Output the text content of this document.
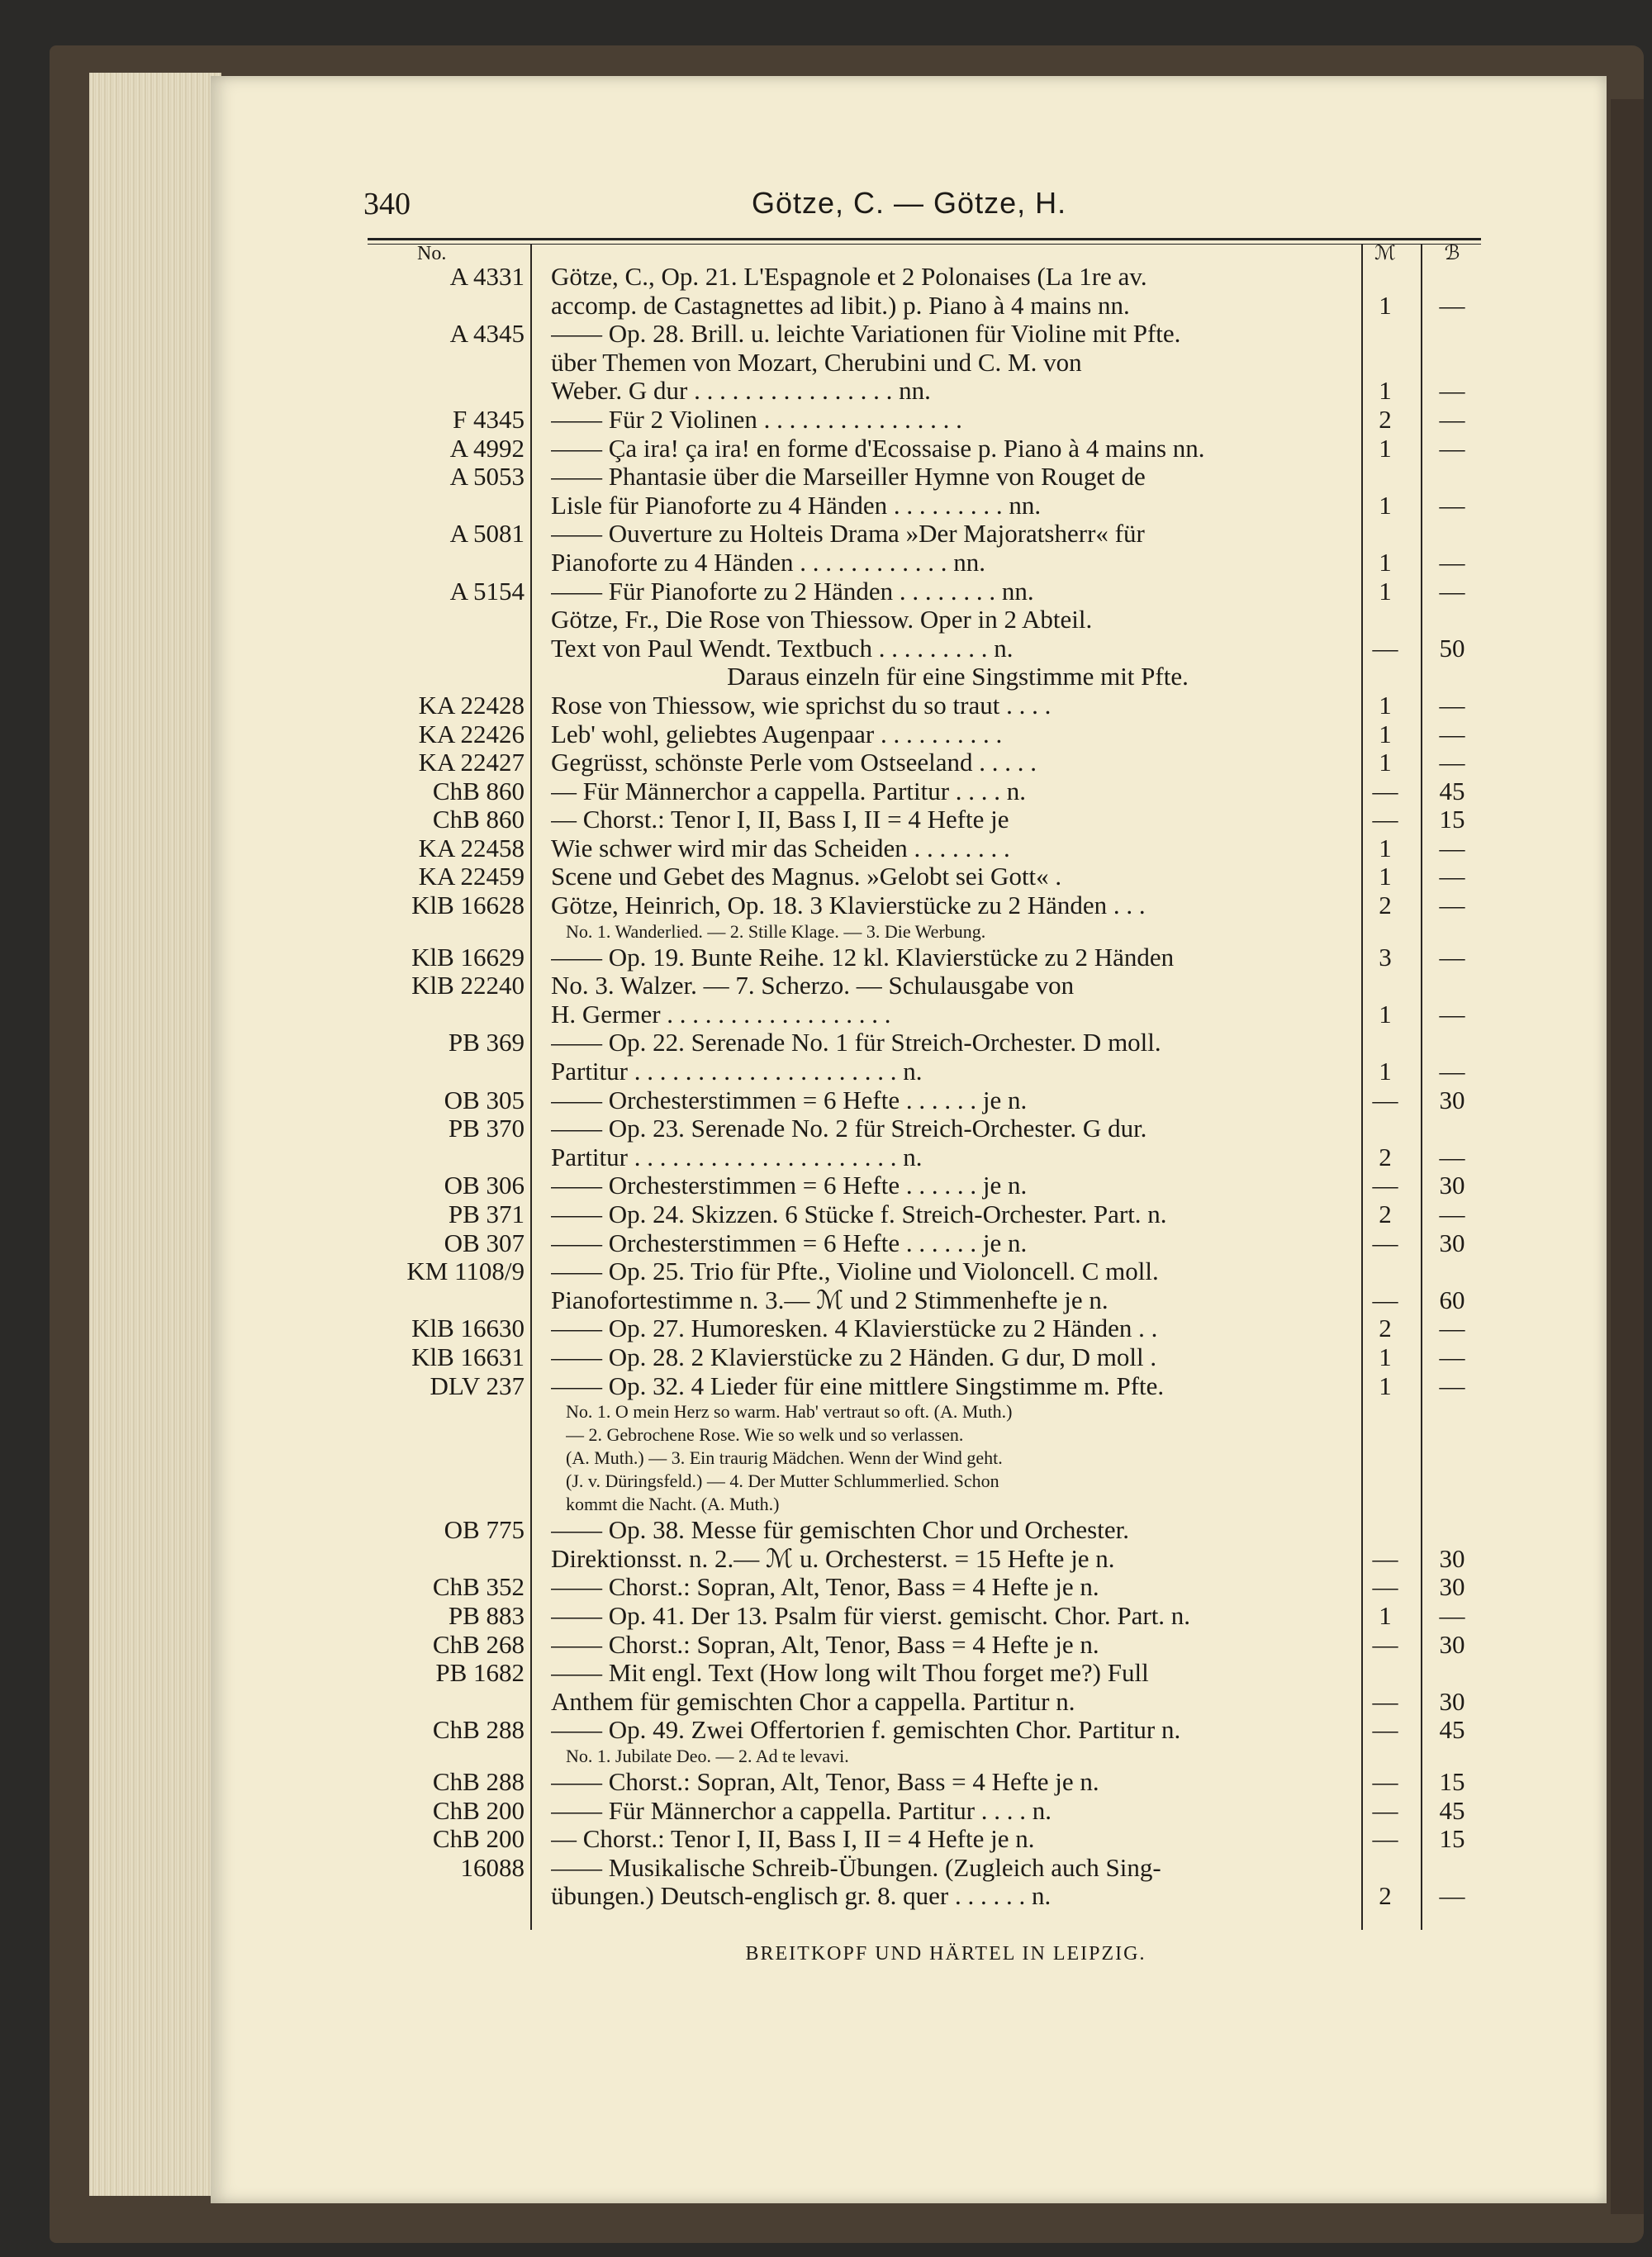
340	Götze, C. — Götze, H.
No.	ℳ	ℬ
A 4331 Götze, C., Op. 21. L'Espagnole et 2 Polonaises (La 1re av.
accomp. de Castagnettes ad libit.) p. Piano à 4 mains nn.	1	—
A 4345 —— Op. 28. Brill. u. leichte Variationen für Violine mit Pfte.
über Themen von Mozart, Cherubini und C. M. von
Weber. G dur . . . . . . . . . . . . . . . . nn.	1	—
F 4345 —— Für 2 Violinen . . . . . . . . . . . . . . . .	2	—
A 4992 —— Ça ira! ça ira! en forme d'Ecossaise p. Piano à 4 mains nn.	1	—
A 5053 —— Phantasie über die Marseiller Hymne von Rouget de
Lisle für Pianoforte zu 4 Händen . . . . . . . . . nn.	1	—
A 5081 —— Ouverture zu Holteis Drama »Der Majoratsherr« für
Pianoforte zu 4 Händen . . . . . . . . . . . . nn.	1	—
A 5154 —— Für Pianoforte zu 2 Händen . . . . . . . . nn.	1	—
Götze, Fr., Die Rose von Thiessow. Oper in 2 Abteil.
Text von Paul Wendt. Textbuch . . . . . . . . . n.	—	50
Daraus einzeln für eine Singstimme mit Pfte.
KA 22428 Rose von Thiessow, wie sprichst du so traut . . . .	1	—
KA 22426 Leb' wohl, geliebtes Augenpaar . . . . . . . . . .	1	—
KA 22427 Gegrüsst, schönste Perle vom Ostseeland . . . . .	1	—
ChB 860 — Für Männerchor a cappella. Partitur . . . . n.	—	45
ChB 860 — Chorst.: Tenor I, II, Bass I, II = 4 Hefte je	—	15
KA 22458 Wie schwer wird mir das Scheiden . . . . . . . .	1	—
KA 22459 Scene und Gebet des Magnus. »Gelobt sei Gott« .	1	—
KlB 16628 Götze, Heinrich, Op. 18. 3 Klavierstücke zu 2 Händen . . .	2	—
No. 1. Wanderlied. — 2. Stille Klage. — 3. Die Werbung.
KlB 16629 —— Op. 19. Bunte Reihe. 12 kl. Klavierstücke zu 2 Händen	3	—
KlB 22240 No. 3. Walzer. — 7. Scherzo. — Schulausgabe von
H. Germer . . . . . . . . . . . . . . . . . .	1	—
PB 369 —— Op. 22. Serenade No. 1 für Streich-Orchester. D moll.
Partitur . . . . . . . . . . . . . . . . . . . . . n.	1	—
OB 305 —— Orchesterstimmen = 6 Hefte . . . . . . je n.	—	30
PB 370 —— Op. 23. Serenade No. 2 für Streich-Orchester. G dur.
Partitur . . . . . . . . . . . . . . . . . . . . . n.	2	—
OB 306 —— Orchesterstimmen = 6 Hefte . . . . . . je n.	—	30
PB 371 —— Op. 24. Skizzen. 6 Stücke f. Streich-Orchester. Part. n.	2	—
OB 307 —— Orchesterstimmen = 6 Hefte . . . . . . je n.	—	30
KM 1108/9 —— Op. 25. Trio für Pfte., Violine und Violoncell. C moll.
Pianofortestimme n. 3.— ℳ und 2 Stimmenhefte je n.	—	60
KlB 16630 —— Op. 27. Humoresken. 4 Klavierstücke zu 2 Händen . .	2	—
KlB 16631 —— Op. 28. 2 Klavierstücke zu 2 Händen. G dur, D moll .	1	—
DLV 237 —— Op. 32. 4 Lieder für eine mittlere Singstimme m. Pfte.	1	—
No. 1. O mein Herz so warm. Hab' vertraut so oft. (A. Muth.)
— 2. Gebrochene Rose. Wie so welk und so verlassen.
(A. Muth.) — 3. Ein traurig Mädchen. Wenn der Wind geht.
(J. v. Düringsfeld.) — 4. Der Mutter Schlummerlied. Schon
kommt die Nacht. (A. Muth.)
OB 775 —— Op. 38. Messe für gemischten Chor und Orchester.
Direktionsst. n. 2.— ℳ u. Orchesterst. = 15 Hefte je n.	—	30
ChB 352 —— Chorst.: Sopran, Alt, Tenor, Bass = 4 Hefte je n.	—	30
PB 883 —— Op. 41. Der 13. Psalm für vierst. gemischt. Chor. Part. n.	1	—
ChB 268 —— Chorst.: Sopran, Alt, Tenor, Bass = 4 Hefte je n.	—	30
PB 1682 —— Mit engl. Text (How long wilt Thou forget me?) Full
Anthem für gemischten Chor a cappella. Partitur n.	—	30
ChB 288 —— Op. 49. Zwei Offertorien f. gemischten Chor. Partitur n.	—	45
No. 1. Jubilate Deo. — 2. Ad te levavi.
ChB 288 —— Chorst.: Sopran, Alt, Tenor, Bass = 4 Hefte je n.	—	15
ChB 200 —— Für Männerchor a cappella. Partitur . . . . n.	—	45
ChB 200 — Chorst.: Tenor I, II, Bass I, II = 4 Hefte je n.	—	15
16088 —— Musikalische Schreib-Übungen. (Zugleich auch Sing-
übungen.) Deutsch-englisch gr. 8. quer . . . . . . n.	2	—
BREITKOPF UND HÄRTEL IN LEIPZIG.
